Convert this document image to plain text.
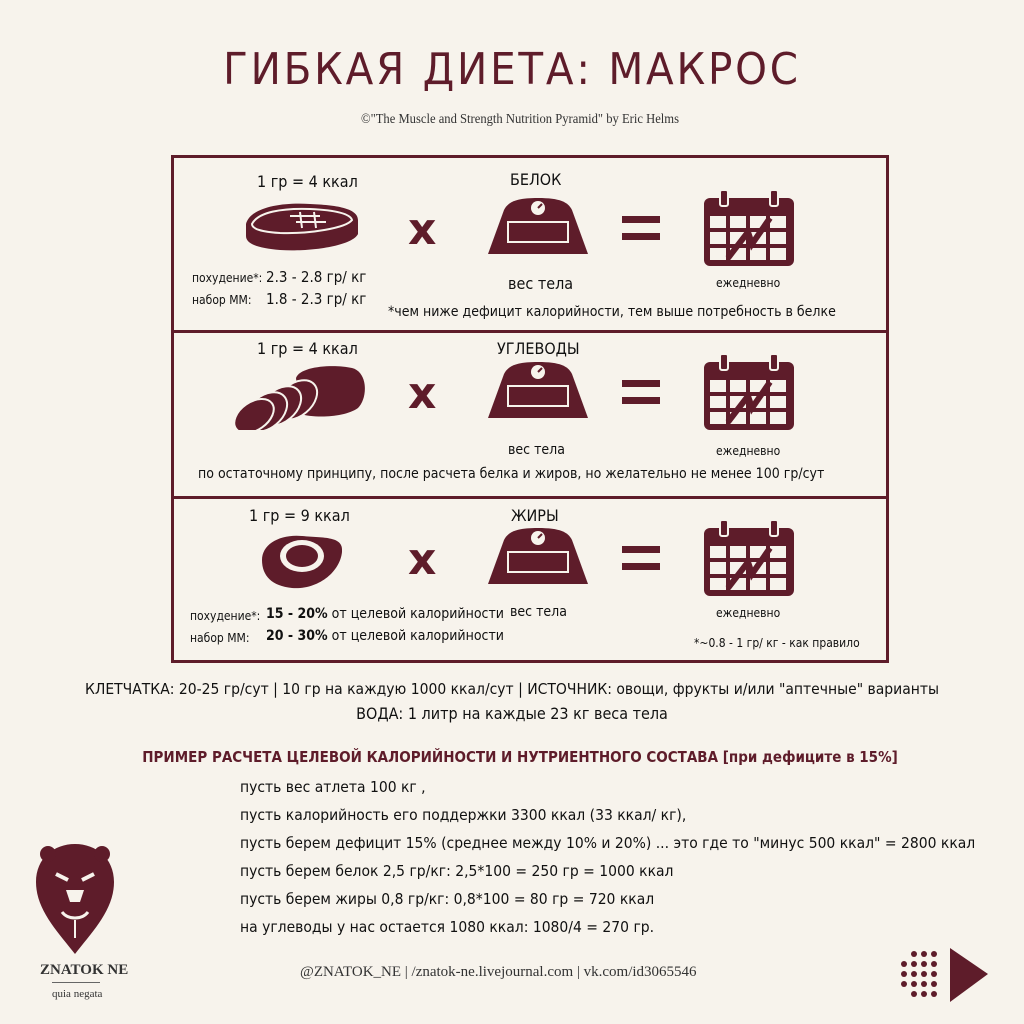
ГИБКАЯ ДИЕТА: МАКРОС
©"The Muscle and Strength Nutrition Pyramid" by Eric Helms
1 гр = 4 ккал	БЕЛОК
x
похудение*: 2.3 - 2.8 гр/ кг
набор ММ: 1.8 - 2.3 гр/ кг
вес тела	ежедневно
*чем ниже дефицит калорийности, тем выше потребность в белке
1 гр = 4 ккал	УГЛЕВОДЫ
x
вес тела	ежедневно
по остаточному принципу, после расчета белка и жиров, но желательно не менее 100 гр/сут
1 гр = 9 ккал	ЖИРЫ
x
похудение*: 15 - 20% от целевой калорийности
набор ММ: 20 - 30% от целевой калорийности
вес тела	ежедневно
*~0.8 - 1 гр/ кг - как правило
КЛЕТЧАТКА: 20-25 гр/сут | 10 гр на каждую 1000 ккал/сут | ИСТОЧНИК: овощи, фрукты и/или "аптечные" варианты
ВОДА: 1 литр на каждые 23 кг веса тела
ПРИМЕР РАСЧЕТА ЦЕЛЕВОЙ КАЛОРИЙНОСТИ И НУТРИЕНТНОГО СОСТАВА [при дефиците в 15%]
пусть вес атлета 100 кг ,
пусть калорийность его поддержки 3300 ккал (33 ккал/ кг),
пусть берем дефицит 15% (среднее между 10% и 20%) ... это где то "минус 500 ккал" = 2800 ккал
пусть берем белок 2,5 гр/кг: 2,5*100 = 250 гр = 1000 ккал
пусть берем жиры 0,8 гр/кг: 0,8*100 = 80 гр = 720 ккал
на углеводы у нас остается 1080 ккал: 1080/4 = 270 гр.
ZNATOK NE
quia negata
@ZNATOK_NE | /znatok-ne.livejournal.com | vk.com/id3065546
